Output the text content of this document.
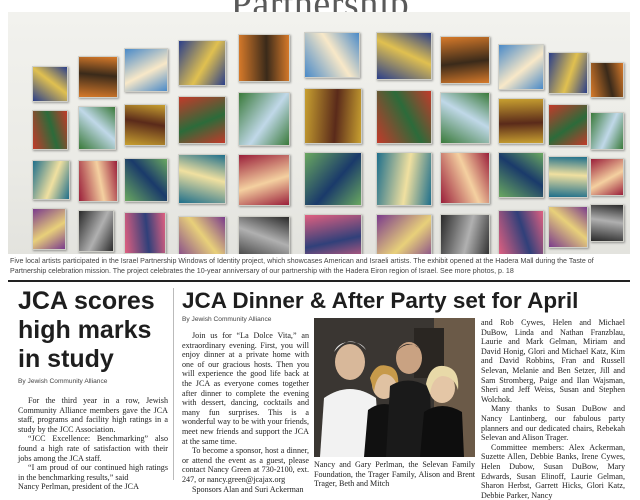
Five local artists participated in the Israel Partnership Windows of Identity project, which showcases American and Israeli artists. The exhibit opened at the Hadera Mall during the Taste of Partnership celebration mission. The project celebrates the 10-year anniversary of our partnership with the Hadera Eiron region of Israel. See more photos, p. 18
JCA scores high marks in study
By Jewish Community Alliance

For the third year in a row, Jewish Community Alliance members gave the JCA staff, programs and facility high ratings in a study by the JCC Association.

“JCC Excellence: Benchmarking” also found a high rate of satisfaction with their jobs among the JCA staff.

“I am proud of our continued high ratings in the benchmarking results,” said

Nancy Perlman, president of the JCA

JCA Dinner & After Party set for April
By Jewish Community Alliance

Join us for “La Dolce Vita,” an extraordinary evening. First, you will enjoy dinner at a private home with one of our gracious hosts. Then you will experience the good life back at the JCA as everyone comes together after dinner to complete the evening with dessert, dancing, cocktails and many fun surprises. This is a wonderful way to be with your friends, meet new friends and support the JCA at the same time.

To become a sponsor, host a dinner, or attend the event as a guest, please contact Nancy Green at 730-2100, ext. 247, or nancy.green@jcajax.org

Sponsors Alan and Suri Ackerman

Nancy and Gary Perlman, the Selevan Family Foundation, the Trager Family, Alison and Brent Trager, Beth and Mitch

and Rob Cywes, Helen and Michael DuBow, Linda and Nathan Franzblau, Laurie and Mark Gelman, Miriam and David Honig, Glori and Michael Katz, Kim and David Robbins, Fran and Russell Selevan, Melanie and Ben Setzer, Jill and Sam Stromberg, Paige and Ilan Wajsman, Sheri and Jeff Weiss, Susan and Stephen Wolchok.

Many thanks to Susan DuBow and Nancy Lantinberg, our fabulous party planners and our dedicated chairs, Rebekah Selevan and Alison Trager.

Committee members: Alex Ackerman, Suzette Allen, Debbie Banks, Irene Cywes, Helen Dubow, Susan DuBow, Mary Edwards, Susan Elinoff, Laurie Gelman, Sharon Herbst, Garrett Hicks, Glori Katz, Debbie Parker, Nancy
